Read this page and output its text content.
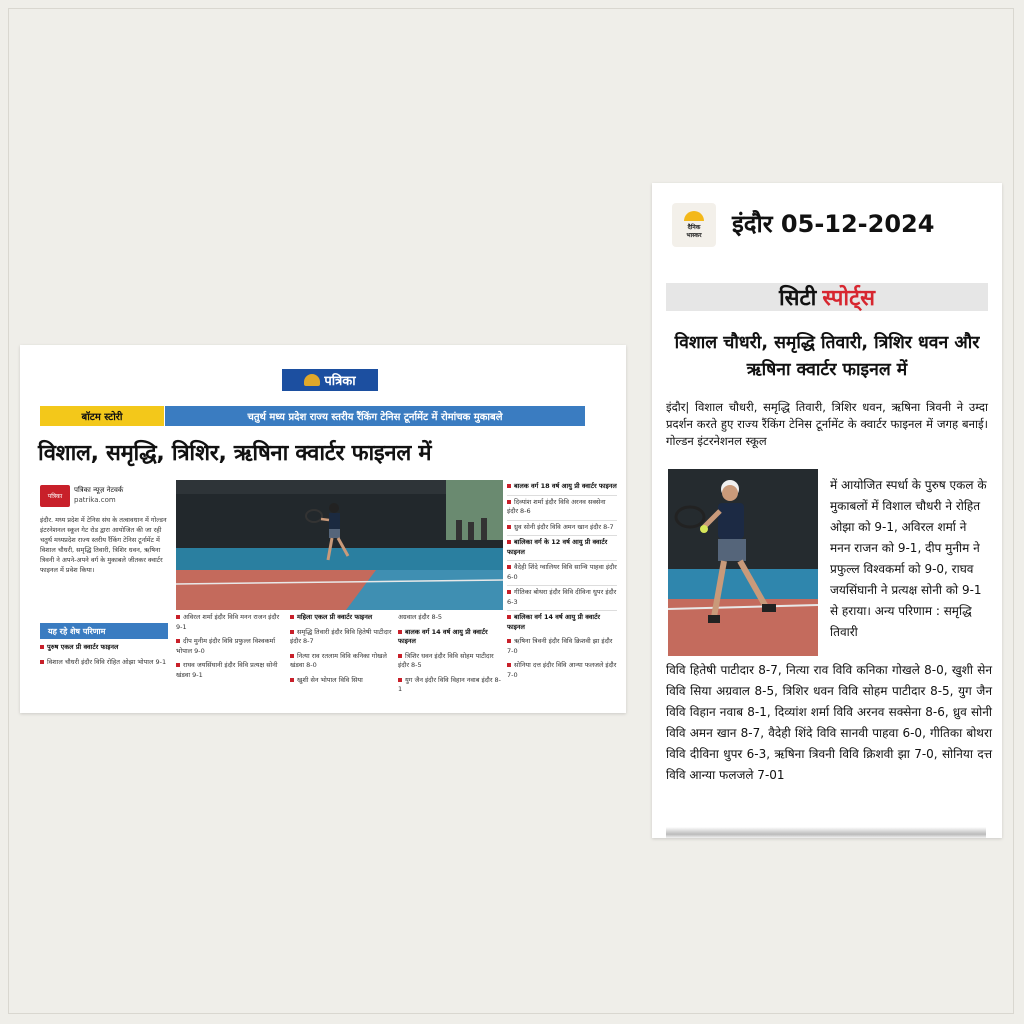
पत्रिका
बॉटम स्टोरी	चतुर्थ मध्य प्रदेश राज्य स्तरीय रैंकिंग टेनिस टूर्नामेंट में रोमांचक मुकाबले
विशाल, समृद्धि, त्रिशिर, ऋषिना क्वार्टर फाइनल में
पत्रिका
पत्रिका न्यूज़ नेटवर्क
patrika.com
इंदौर. मध्य प्रदेश में टेनिस संघ के तत्वावधान में गोल्डन इंटरनेशनल स्कूल गेट रोड द्वारा आयोजित की जा रही चतुर्थ मध्यप्रदेश राज्य स्तरीय रैंकिंग टेनिस टूर्नामेंट में विशाल चौधरी, समृद्धि तिवारी, त्रिशिर धवन, ऋषिना त्रिवनी ने अपने-अपने वर्ग के मुकाबले जीतकर क्वार्टर फाइनल में प्रवेश किया।
यह रहे शेष परिणाम
पुरुष एकल प्री क्वार्टर फाइनल
विशाल चौधरी इंदौर विवि रोहित ओझा भोपाल 9-1
अविरल शर्मा इंदौर विवि मनन राजन इंदौर 9-1
दीप मुनीम इंदौर विवि प्रफुल्ल विश्वकर्मा भोपाल 9-0
राघव जयसिंघानी इंदौर विवि प्रत्यक्ष सोनी खंडवा 9-1
महिला एकल प्री क्वार्टर फाइनल
समृद्धि तिवारी इंदौर विवि हितेषी पाटीदार इंदौर 8-7
नित्या राव रतलाम विवि कनिका गोखले खंडवा 8-0
खुशी सेन भोपाल विवि सिया
अग्रवाल इंदौर 8-5
बालक वर्ग 14 वर्ष आयु प्री क्वार्टर फाइनल
त्रिशिर धवन इंदौर विवि सोहम पाटीदार इंदौर 8-5
युग जैन इंदौर विवि विहान नवाब इंदौर 8-1
बालिका वर्ग 14 वर्ष आयु प्री क्वार्टर फाइनल
ऋषिना त्रिवनी इंदौर विवि क्रिशवी झा इंदौर 7-0
सोनिया दत्त इंदौर विवि आन्या फलजले इंदौर 7-0
बालक वर्ग 18 वर्ष आयु प्री क्वार्टर फाइनल
दिव्यांश शर्मा इंदौर विवि अरनव सक्सेना इंदौर 8-6
ध्रुव सोनी इंदौर विवि अमन खान इंदौर 8-7
बालिका वर्ग के 12 वर्ष आयु प्री क्वार्टर फाइनल
वैदेही शिंदे ग्वालियर विवि सान्वि पाहवा इंदौर 6-0
गीतिका बोथरा इंदौर विवि दीविना धुपर इंदौर 6-3
दैनिक
भास्कर इंदौर 05-12-2024
सिटी स्पोर्ट्स
विशाल चौधरी, समृद्धि तिवारी, त्रिशिर धवन और ऋषिना क्वार्टर फाइनल में
इंदौर| विशाल चौधरी, समृद्धि तिवारी, त्रिशिर धवन, ऋषिना त्रिवनी ने उम्दा प्रदर्शन करते हुए राज्य रैंकिंग टेनिस टूर्नामेंट के क्वार्टर फाइनल में जगह बनाई। गोल्डन इंटरनेशनल स्कूल
में आयोजित स्पर्धा के पुरुष एकल के मुकाबलों में विशाल चौधरी ने रोहित ओझा को 9-1, अविरल शर्मा ने मनन राजन को 9-1, दीप मुनीम ने प्रफुल्ल विश्वकर्मा को 9-0, राघव जयसिंघानी ने प्रत्यक्ष सोनी को 9-1 से हराया। अन्य परिणाम : समृद्धि तिवारी
विवि हितेषी पाटीदार 8-7, नित्या राव विवि कनिका गोखले 8-0, खुशी सेन विवि सिया अग्रवाल 8-5, त्रिशिर धवन विवि सोहम पाटीदार 8-5, युग जैन विवि विहान नवाब 8-1, दिव्यांश शर्मा विवि अरनव सक्सेना 8-6, ध्रुव सोनी विवि अमन खान 8-7, वैदेही शिंदे विवि सानवी पाहवा 6-0, गीतिका बोथरा विवि दीविना धुपर 6-3, ऋषिना त्रिवनी विवि क्रिशवी झा 7-0, सोनिया दत्त विवि आन्या फलजले 7-01
